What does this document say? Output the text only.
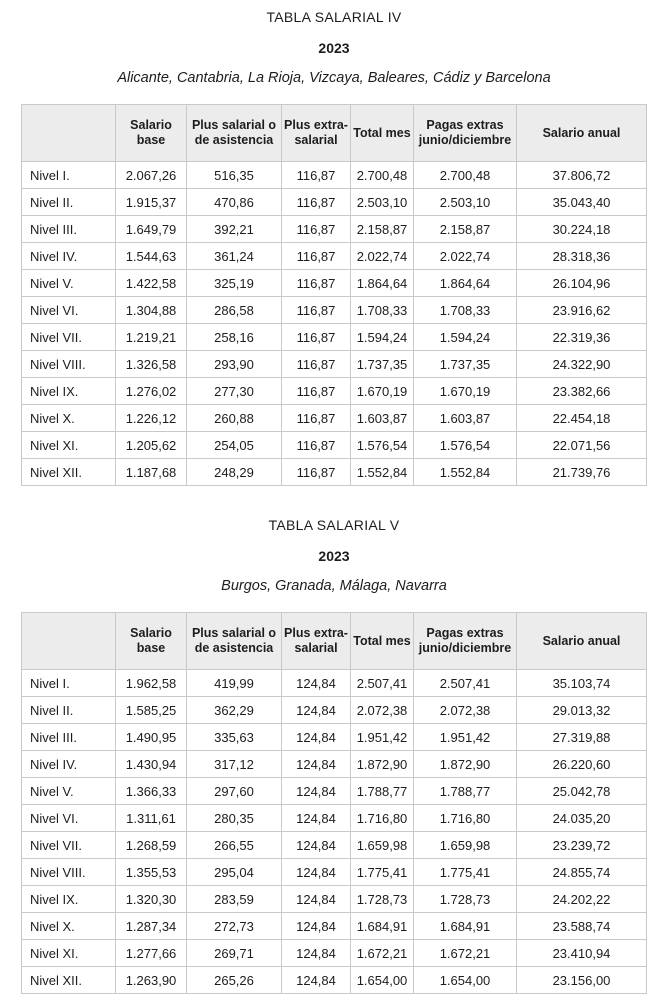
TABLA SALARIAL IV

2023

Alicante, Cantabria, La Rioja, Vizcaya, Baleares, Cádiz y Barcelona

	Salario base	Plus salarial o de asistencia	Plus extra-salarial	Total mes	Pagas extras junio/diciembre	Salario anual
Nivel I.	2.067,26	516,35	116,87	2.700,48	2.700,48	37.806,72
Nivel II.	1.915,37	470,86	116,87	2.503,10	2.503,10	35.043,40
Nivel III.	1.649,79	392,21	116,87	2.158,87	2.158,87	30.224,18
Nivel IV.	1.544,63	361,24	116,87	2.022,74	2.022,74	28.318,36
Nivel V.	1.422,58	325,19	116,87	1.864,64	1.864,64	26.104,96
Nivel VI.	1.304,88	286,58	116,87	1.708,33	1.708,33	23.916,62
Nivel VII.	1.219,21	258,16	116,87	1.594,24	1.594,24	22.319,36
Nivel VIII.	1.326,58	293,90	116,87	1.737,35	1.737,35	24.322,90
Nivel IX.	1.276,02	277,30	116,87	1.670,19	1.670,19	23.382,66
Nivel X.	1.226,12	260,88	116,87	1.603,87	1.603,87	22.454,18
Nivel XI.	1.205,62	254,05	116,87	1.576,54	1.576,54	22.071,56
Nivel XII.	1.187,68	248,29	116,87	1.552,84	1.552,84	21.739,76

TABLA SALARIAL V

2023

Burgos, Granada, Málaga, Navarra

	Salario base	Plus salarial o de asistencia	Plus extra-salarial	Total mes	Pagas extras junio/diciembre	Salario anual
Nivel I.	1.962,58	419,99	124,84	2.507,41	2.507,41	35.103,74
Nivel II.	1.585,25	362,29	124,84	2.072,38	2.072,38	29.013,32
Nivel III.	1.490,95	335,63	124,84	1.951,42	1.951,42	27.319,88
Nivel IV.	1.430,94	317,12	124,84	1.872,90	1.872,90	26.220,60
Nivel V.	1.366,33	297,60	124,84	1.788,77	1.788,77	25.042,78
Nivel VI.	1.311,61	280,35	124,84	1.716,80	1.716,80	24.035,20
Nivel VII.	1.268,59	266,55	124,84	1.659,98	1.659,98	23.239,72
Nivel VIII.	1.355,53	295,04	124,84	1.775,41	1.775,41	24.855,74
Nivel IX.	1.320,30	283,59	124,84	1.728,73	1.728,73	24.202,22
Nivel X.	1.287,34	272,73	124,84	1.684,91	1.684,91	23.588,74
Nivel XI.	1.277,66	269,71	124,84	1.672,21	1.672,21	23.410,94
Nivel XII.	1.263,90	265,26	124,84	1.654,00	1.654,00	23.156,00
